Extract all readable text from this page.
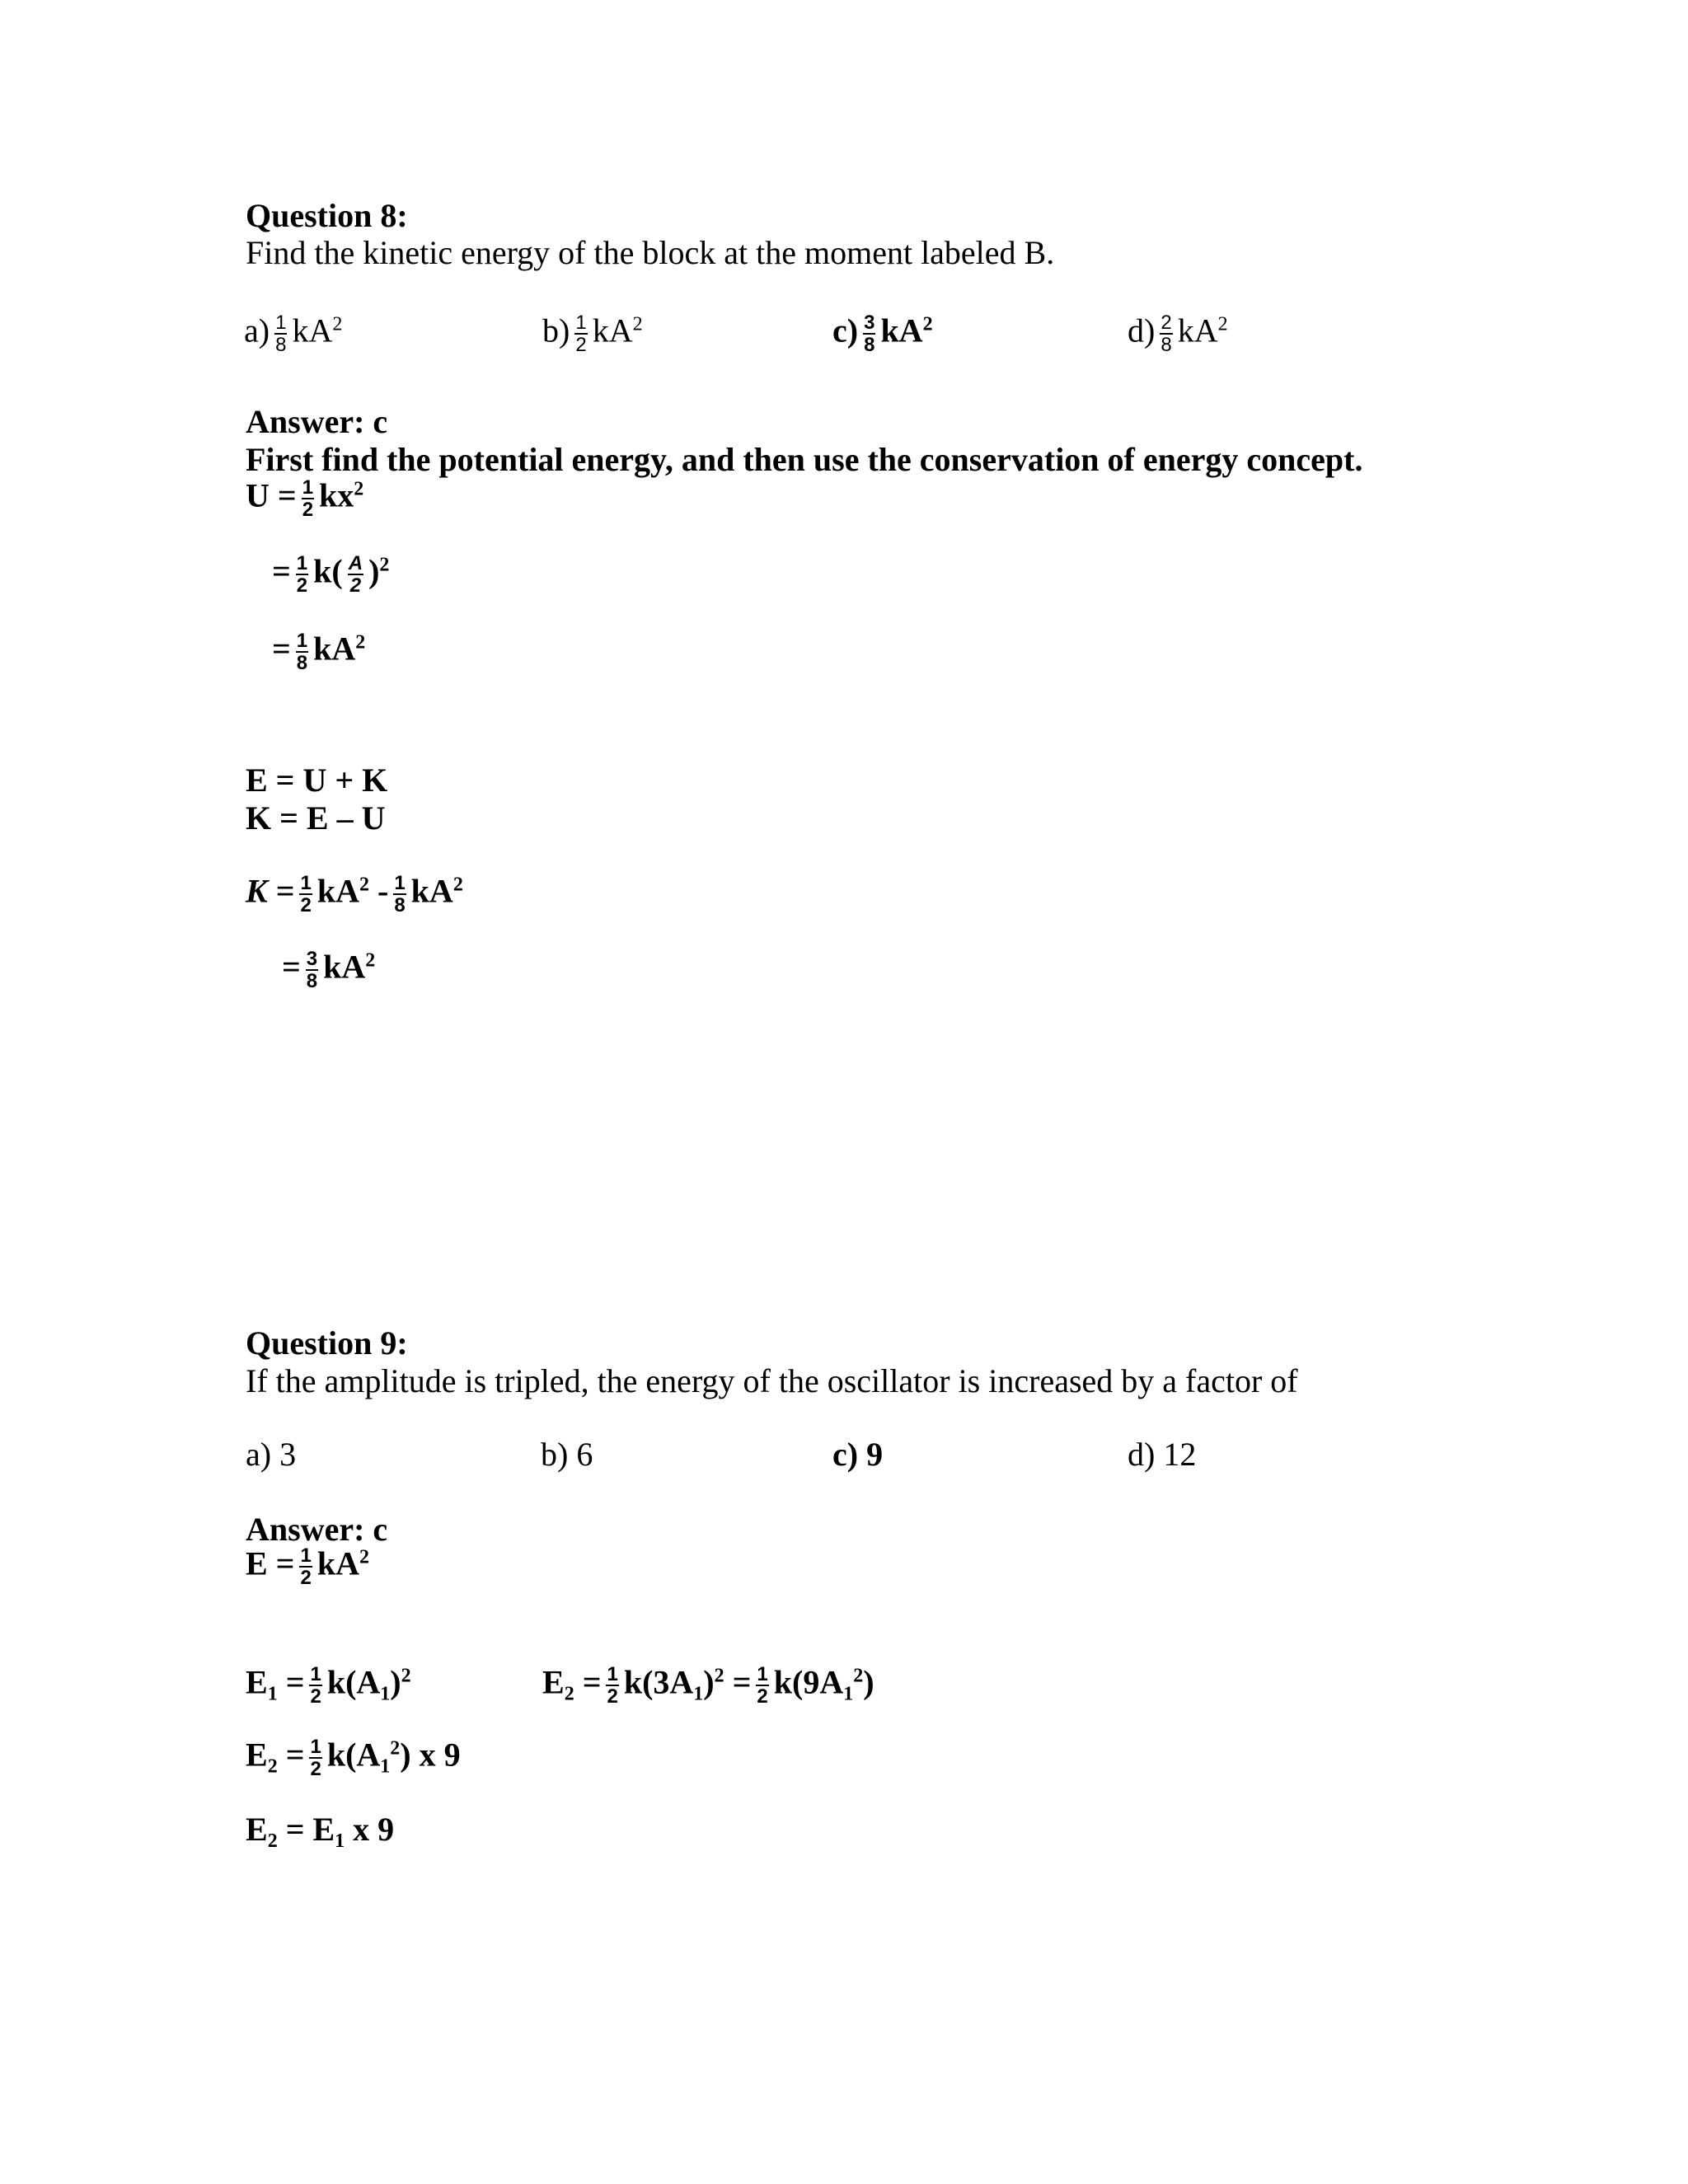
Question 8:
Find the kinetic energy of the block at the moment labeled B.
$a) \frac{1}{8} kA^2$	$b) \frac{1}{2} kA^2$	$c) \frac{3}{8} kA^2$	$d) \frac{2}{8} kA^2$
Answer: c
First find the potential energy, and then use the conservation of energy concept.
$U = \frac{1}{2} kx^2$
= $\frac{1}{2} k( \frac{A}{2} )^2$
= $\frac{1}{8} kA^2$
E = U + K
K = E – U
$K = \frac{1}{2} kA^2 - \frac{1}{8} kA^2$
= $\frac{3}{8} kA^2$
Question 9:
If the amplitude is tripled, the energy of the oscillator is increased by a factor of
a) 3	b) 6	c) 9	d) 12
Answer: c
$E = \frac{1}{2} kA^2$
$E_1 = \frac{1}{2} k(A_1)^2$	$E_2 = \frac{1}{2} k(3A_1)^2 = \frac{1}{2} k(9A_1^2)$
$E_2 = \frac{1}{2} k(A_1^2)$ x 9
$E_2 = E_1$ x 9
